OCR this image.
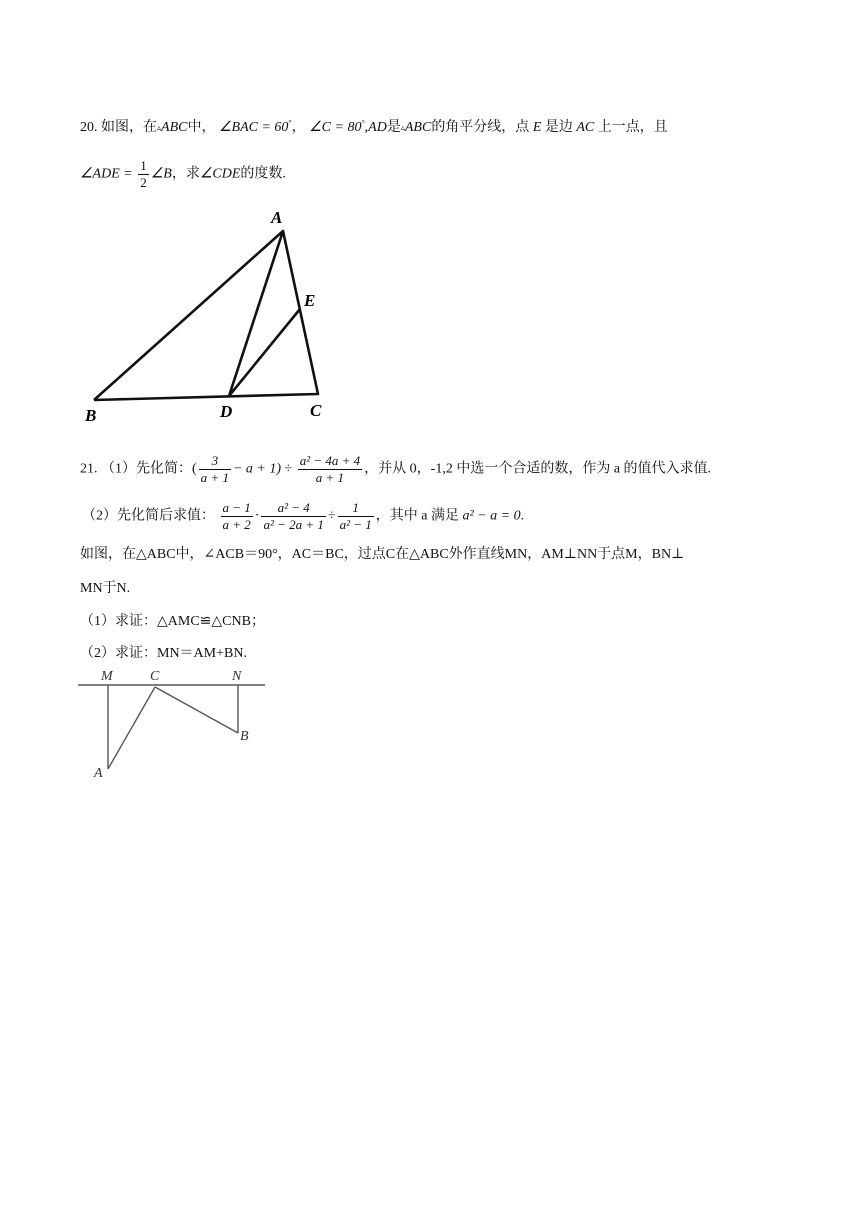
20. 如图，在▵ABC中， ∠BAC = 60°， ∠C = 80°,AD是▵ABC的角平分线，点 E 是边 AC 上一点，且
∠ADE = $\frac{1}{2}$ ∠B，求∠CDE的度数.
A
B	D	C
E
21. （1）先化简：( $\frac{3}{a + 1} - a + 1) \div \frac{\text{a² − 4a + 4}}{a + 1}$ ，并从 0，-1,2 中选一个合适的数，作为 a 的值代入求值.
（2）先化简后求值： $\frac{a - 1}{a + 2} \cdot \frac{\text{a² − 4}}{\text{a² − 2a + 1}} \div \frac{1}{\text{a² − 1}}$ ，其中 a 满足 a² − a = 0.
如图，在△ABC中，∠ACB＝90°，AC＝BC，过点C在△ABC外作直线MN，AM⊥NN于点M，BN⊥
MN于N.
（1）求证：△AMC≌△CNB；
（2）求证：MN＝AM+BN.
M	C	N
B
A
